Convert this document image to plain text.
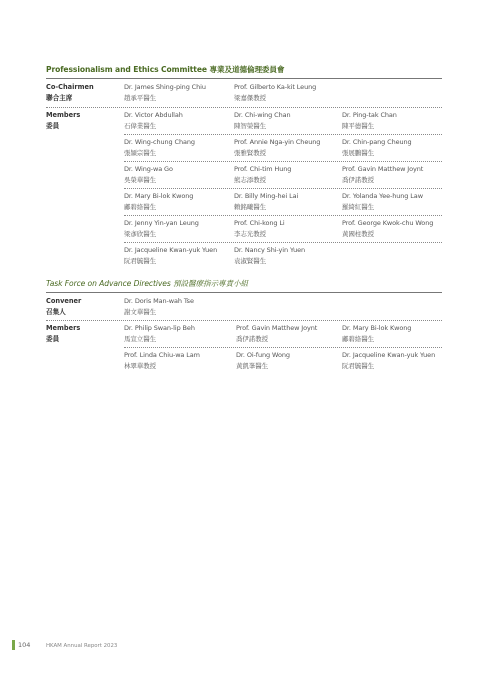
Professionalism and Ethics Committee 專業及道德倫理委員會
Co-Chairmen
聯合主席
Dr. James Shing-ping Chiu
趙承平醫生
Prof. Gilberto Ka-kit Leung
梁嘉傑教授
Members
委員
Dr. Victor Abdullah
石偉業醫生
Dr. Chi-wing Chan
陳智榮醫生
Dr. Ping-tak Chan
陳平德醫生
Dr. Wing-chung Chang
張頴宗醫生
Prof. Annie Nga-yin Cheung
張雅賢教授
Dr. Chin-pang Cheung
張展鵬醫生
Dr. Wing-wa Go
吳榮華醫生
Prof. Chi-tim Hung
熊志添教授
Prof. Gavin Matthew Joynt
喬伊諾教授
Dr. Mary Bi-lok Kwong
鄺碧絡醫生
Dr. Billy Ming-hei Lai
賴銘曦醫生
Dr. Yolanda Yee-hung Law
羅綺紅醫生
Dr. Jenny Yin-yan Leung
梁彥欣醫生
Prof. Chi-kong Li
李志光教授
Prof. George Kwok-chu Wong
黃國柱教授
Dr. Jacqueline Kwan-yuk Yuen
阮君毓醫生
Dr. Nancy Shi-yin Yuen
袁淑賢醫生
Task Force on Advance Directives 預設醫療指示專責小組
Convener
召集人
Dr. Doris Man-wah Tse
謝文華醫生
Members
委員
Dr. Philip Swan-lip Beh
馬宣立醫生
Prof. Gavin Matthew Joynt
喬伊諾教授
Dr. Mary Bi-lok Kwong
鄺碧絡醫生
Prof. Linda Chiu-wa Lam
林翠華教授
Dr. Oi-fung Wong
黃凱峯醫生
Dr. Jacqueline Kwan-yuk Yuen
阮君毓醫生
104	HKAM Annual Report 2023
